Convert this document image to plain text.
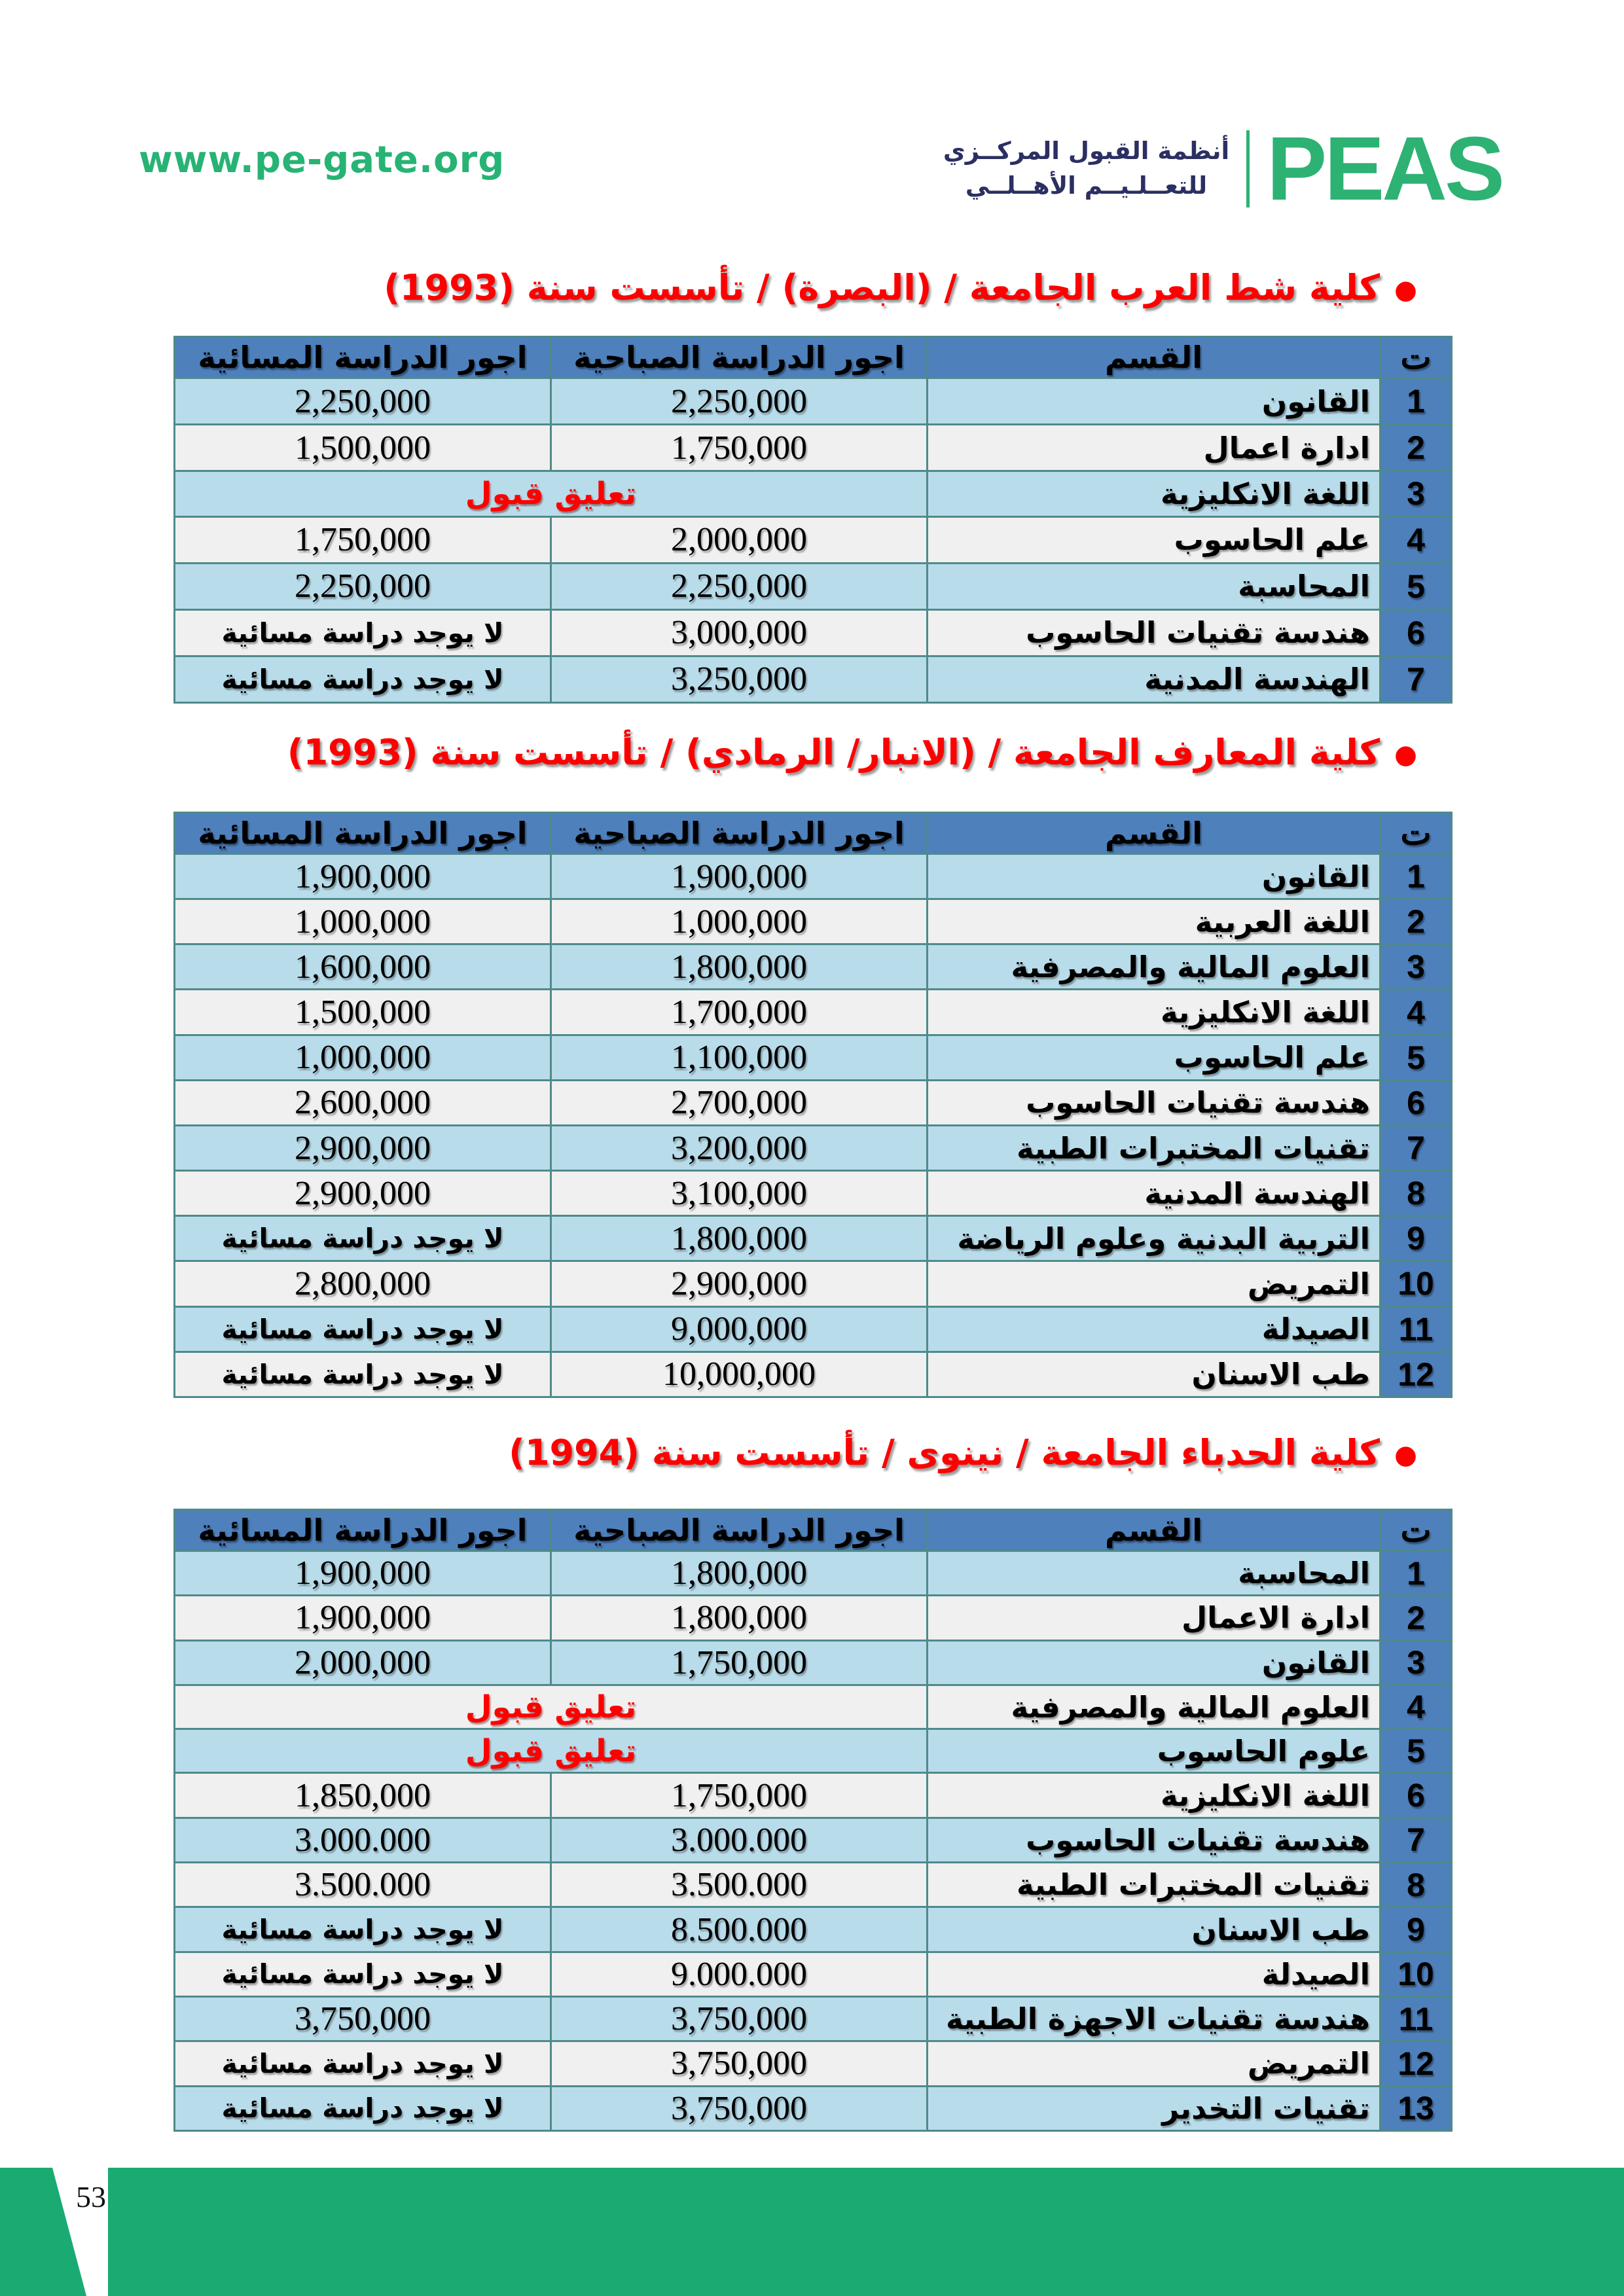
www.pe-gate.org	PEAS
أنظمة القبول المركــزي
للتعــلـيــم الأهــلــي
●كلية شط العرب الجامعة / (البصرة) / تأسست سنة (1993)
ت	القسم	اجور الدراسة الصباحية	اجور الدراسة المسائية
1	القانون	2,250,000	2,250,000
2	ادارة اعمال	1,750,000	1,500,000
3	اللغة الانكليزية	تعليق قبول	
4	علم الحاسوب	2,000,000	1,750,000
5	المحاسبة	2,250,000	2,250,000
6	هندسة تقنيات الحاسوب	3,000,000	لا يوجد دراسة مسائية
7	الهندسة المدنية	3,250,000	لا يوجد دراسة مسائية
●كلية المعارف الجامعة / (الانبار/ الرمادي) / تأسست سنة (1993)
ت	القسم	اجور الدراسة الصباحية	اجور الدراسة المسائية
1	القانون	1,900,000	1,900,000
2	اللغة العربية	1,000,000	1,000,000
3	العلوم المالية والمصرفية	1,800,000	1,600,000
4	اللغة الانكليزية	1,700,000	1,500,000
5	علم الحاسوب	1,100,000	1,000,000
6	هندسة تقنيات الحاسوب	2,700,000	2,600,000
7	تقنيات المختبرات الطبية	3,200,000	2,900,000
8	الهندسة المدنية	3,100,000	2,900,000
9	التربية البدنية وعلوم الرياضة	1,800,000	لا يوجد دراسة مسائية
10	التمريض	2,900,000	2,800,000
11	الصيدلة	9,000,000	لا يوجد دراسة مسائية
12	طب الاسنان	10,000,000	لا يوجد دراسة مسائية
●كلية الحدباء الجامعة / نينوى / تأسست سنة (1994)
ت	القسم	اجور الدراسة الصباحية	اجور الدراسة المسائية
1	المحاسبة	1,800,000	1,900,000
2	ادارة الاعمال	1,800,000	1,900,000
3	القانون	1,750,000	2,000,000
4	العلوم المالية والمصرفية	تعليق قبول	
5	علوم الحاسوب	تعليق قبول	
6	اللغة الانكليزية	1,750,000	1,850,000
7	هندسة تقنيات الحاسوب	3.000.000	3.000.000
8	تقنيات المختبرات الطبية	3.500.000	3.500.000
9	طب الاسنان	8.500.000	لا يوجد دراسة مسائية
10	الصيدلة	9.000.000	لا يوجد دراسة مسائية
11	هندسة تقنيات الاجهزة الطبية	3,750,000	3,750,000
12	التمريض	3,750,000	لا يوجد دراسة مسائية
13	تقنيات التخدير	3,750,000	لا يوجد دراسة مسائية
53
